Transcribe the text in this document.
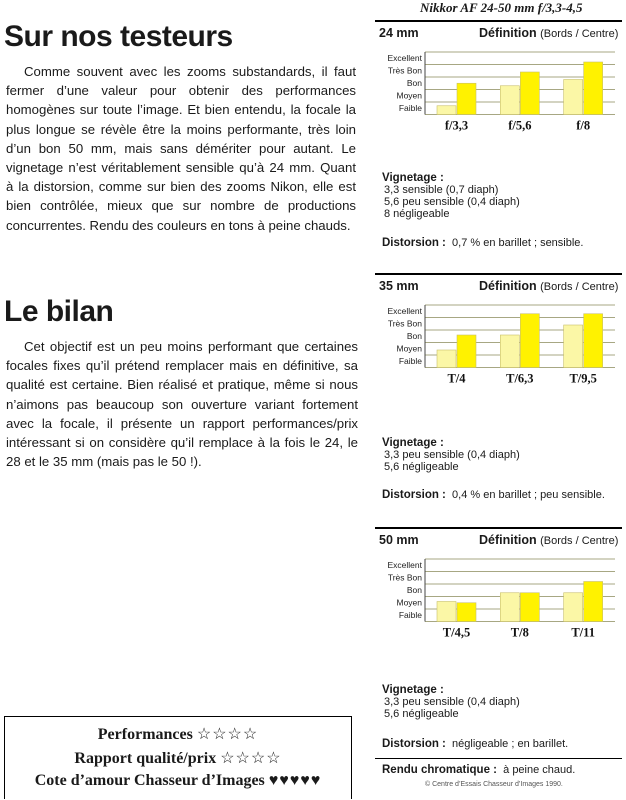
Sur nos testeurs

Comme souvent avec les zooms substandards, il faut fermer d’une valeur pour obtenir des performances homogènes sur toute l’image. Et bien entendu, la focale la plus longue se révèle être la moins performante, très loin d’un bon 50 mm, mais sans démériter pour autant. Le vignetage n’est véritablement sensible qu’à 24 mm. Quant à la distorsion, comme sur bien des zooms Nikon, elle est bien contrôlée, mieux que sur nombre de productions concurrentes. Rendu des couleurs en tons à peine chauds.

Le bilan

Cet objectif est un peu moins performant que certaines focales fixes qu’il prétend remplacer mais en définitive, sa qualité est certaine. Bien réalisé et pratique, même si nous n’aimons pas beaucoup son ouverture variant fortement avec la focale, il présente un rapport performances/prix intéressant si on considère qu’il remplace à la fois le 24, le 28 et le 35 mm (mais pas le 50 !).

Performances ☆☆☆☆
Rapport qualité/prix ☆☆☆☆
Cote d’amour Chasseur d’Images ♥♥♥♥♥
Nikkor AF 24-50 mm f/3,3-4,5
24 mm	Définition (Bords / Centre)
Excellent
Très Bon
Bon
Moyen
Faible
f/3,3	f/5,6	f/8
Vignetage :
3,3 sensible (0,7 diaph)
5,6 peu sensible (0,4 diaph)
8 négligeable
Distorsion : 0,7 % en barillet ; sensible.
35 mm	Définition (Bords / Centre)
Excellent
Très Bon
Bon
Moyen
Faible
T/4	T/6,3	T/9,5
Vignetage :
3,3 peu sensible (0,4 diaph)
5,6 négligeable
Distorsion : 0,4 % en barillet ; peu sensible.
50 mm	Définition (Bords / Centre)
Excellent
Très Bon
Bon
Moyen
Faible
T/4,5	T/8	T/11
Vignetage :
3,3 peu sensible (0,4 diaph)
5,6 négligeable
Distorsion : négligeable ; en barillet.
Rendu chromatique : à peine chaud.
© Centre d’Essais Chasseur d’Images 1990.
